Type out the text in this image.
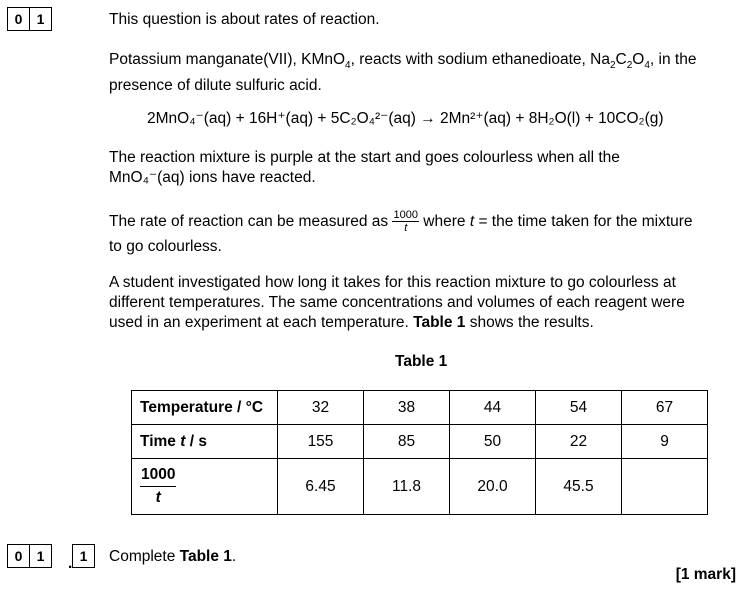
0	1	This question is about rates of reaction.
Potassium manganate(VII), KMnO$_4$, reacts with sodium ethanedioate, $Na_2C_2O_4$, in the
presence of dilute sulfuric acid.
2MnO₄⁻(aq) + 16H⁺(aq) + 5C₂O₄²⁻(aq) → 2Mn²⁺(aq) + 8H₂O(l) + 10CO₂(g)
The reaction mixture is purple at the start and goes colourless when all the
MnO₄⁻(aq) ions have reacted.
The rate of reaction can be measured as $\frac{1000}{t}$ where t = the time taken for the mixture
to go colourless.
A student investigated how long it takes for this reaction mixture to go colourless at
different temperatures. The same concentrations and volumes of each reagent were
used in an experiment at each temperature. Table 1 shows the results.
Table 1
Temperature / °C	32	38	44	54	67
Time t / s	155	85	50	22	9

$\frac{1000}{t}$	6.45	11.8	20.0	45.5	
0	1	. 1	Complete Table 1.
[1 mark]
